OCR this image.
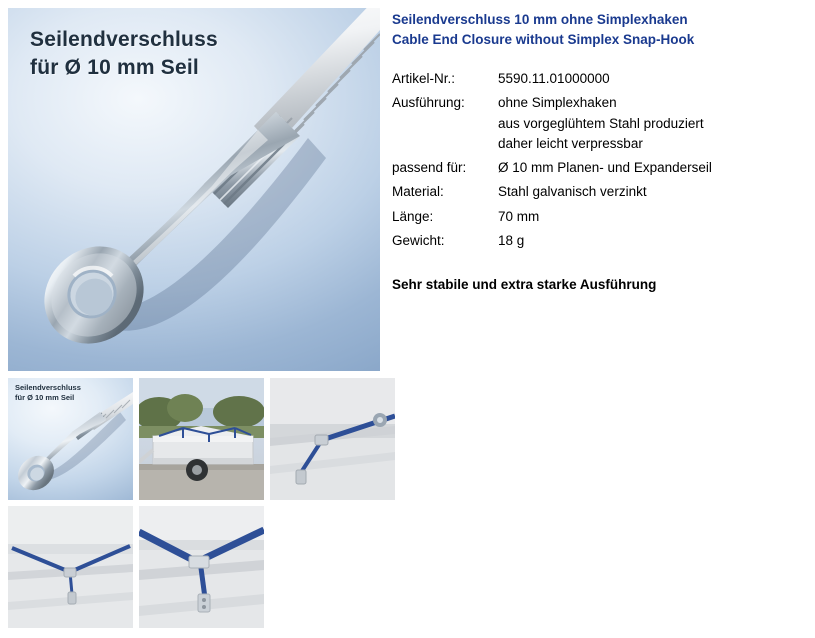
Seilendverschluss
für Ø 10 mm Seil
Seilendverschluss 10 mm ohne Simplexhaken
Cable End Closure without Simplex Snap-Hook
Artikel-Nr.:	5590.11.01000000
Ausführung:	ohne Simplexhaken
aus vorgeglühtem Stahl produziert
daher leicht verpressbar

passend für:	Ø 10 mm Planen- und Expanderseil
Material:	Stahl galvanisch verzinkt
Länge:	70 mm
Gewicht:	18 g
Sehr stabile und extra starke Ausführung
Seilendverschluss
für Ø 10 mm Seil
